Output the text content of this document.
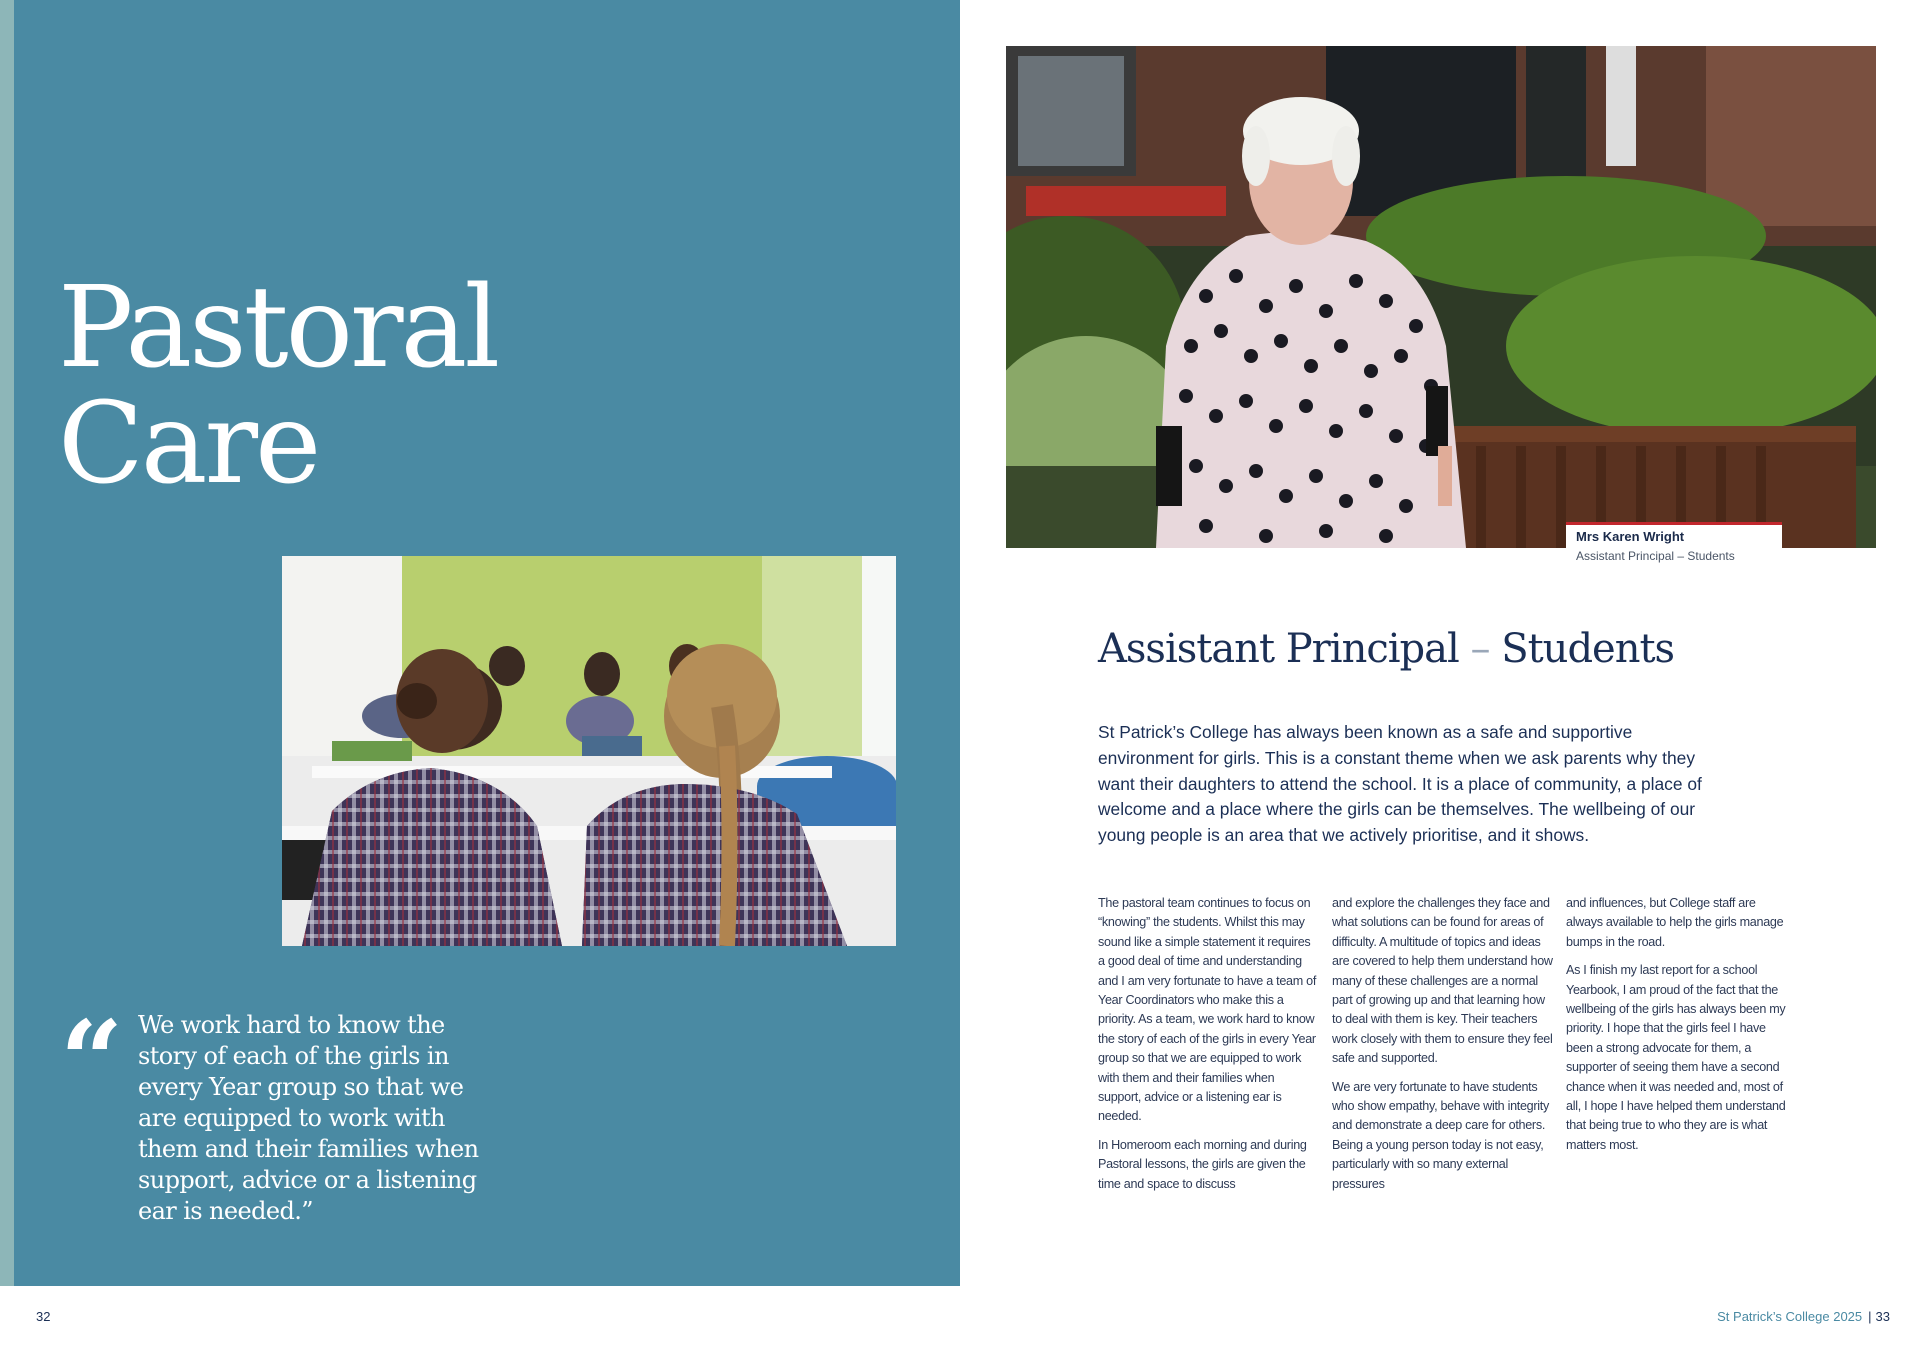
Pastoral
Care
“ We work hard to know the story of each of the girls in every Year group so that we are equipped to work with them and their families when support, advice or a listening ear is needed.”

Mrs Karen Wright
Assistant Principal – Students
Assistant Principal – Students

St Patrick’s College has always been known as a safe and supportive environment for girls. This is a constant theme when we ask parents why they want their daughters to attend the school. It is a place of community, a place of welcome and a place where the girls can be themselves. The wellbeing of our young people is an area that we actively prioritise, and it shows.

The pastoral team continues to focus on “knowing” the students. Whilst this may sound like a simple statement it requires a good deal of time and understanding and I am very fortunate to have a team of Year Coordinators who make this a priority. As a team, we work hard to know the story of each of the girls in every Year group so that we are equipped to work with them and their families when support, advice or a listening ear is needed.

In Homeroom each morning and during Pastoral lessons, the girls are given the time and space to discuss

and explore the challenges they face and what solutions can be found for areas of difficulty. A multitude of topics and ideas are covered to help them understand how many of these challenges are a normal part of growing up and that learning how to deal with them is key. Their teachers work closely with them to ensure they feel safe and supported.

We are very fortunate to have students who show empathy, behave with integrity and demonstrate a deep care for others. Being a young person today is not easy, particularly with so many external pressures

and influences, but College staff are always available to help the girls manage bumps in the road.

As I finish my last report for a school Yearbook, I am proud of the fact that the wellbeing of the girls has always been my priority. I hope that the girls feel I have been a strong advocate for them, a supporter of seeing them have a second chance when it was needed and, most of all, I hope I have helped them understand that being true to who they are is what matters most.

32	St Patrick’s College 2025 | 33
